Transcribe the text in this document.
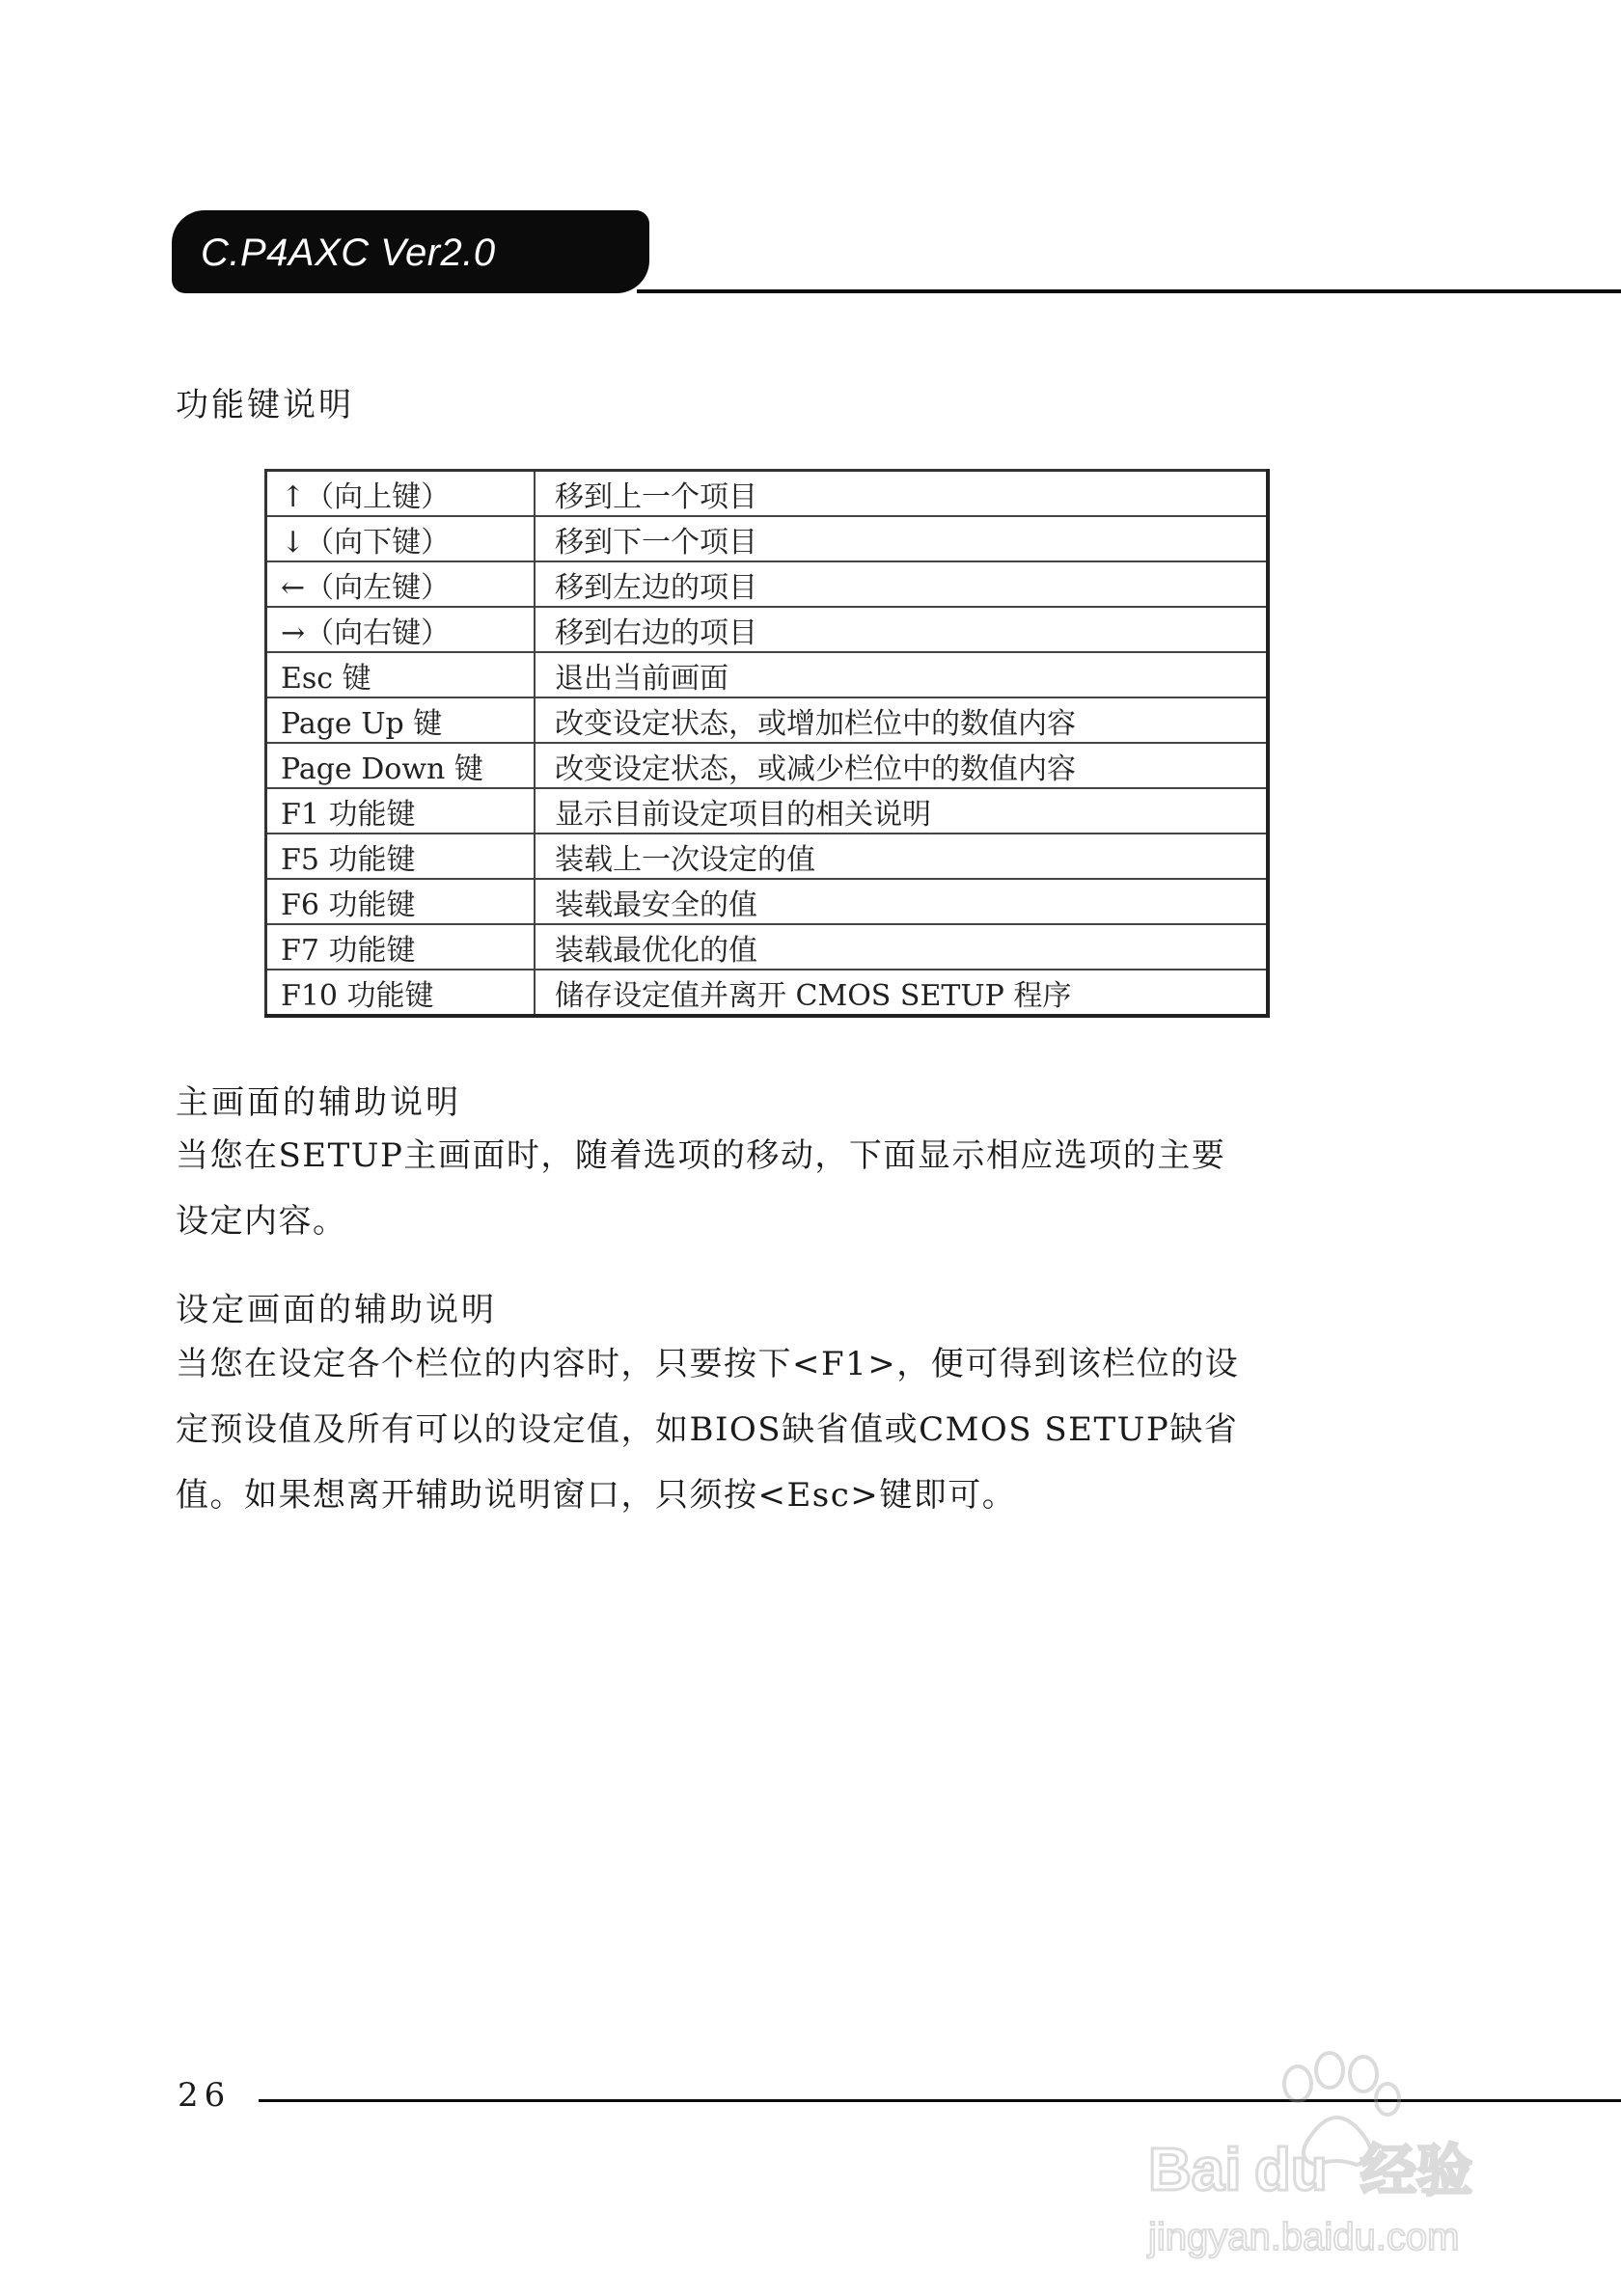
C.P4AXC Ver2.0
功能键说明
↑（向上键）	移到上一个项目
↓（向下键）	移到下一个项目
←（向左键）	移到左边的项目
→（向右键）	移到右边的项目
Esc 键	退出当前画面
Page Up 键	改变设定状态，或增加栏位中的数值内容
Page Down 键	改变设定状态，或减少栏位中的数值内容
F1 功能键	显示目前设定项目的相关说明
F5 功能键	装载上一次设定的值
F6 功能键	装载最安全的值
F7 功能键	装载最优化的值
F10 功能键	储存设定值并离开 CMOS SETUP 程序
主画面的辅助说明
当您在SETUP主画面时，随着选项的移动，下面显示相应选项的主要
设定内容。
设定画面的辅助说明
当您在设定各个栏位的内容时，只要按下<F1>，便可得到该栏位的设
定预设值及所有可以的设定值，如BIOS缺省值或CMOS SETUP缺省
值。如果想离开辅助说明窗口，只须按<Esc>键即可。
26
Bai du 经验
jingyan.baidu.com
